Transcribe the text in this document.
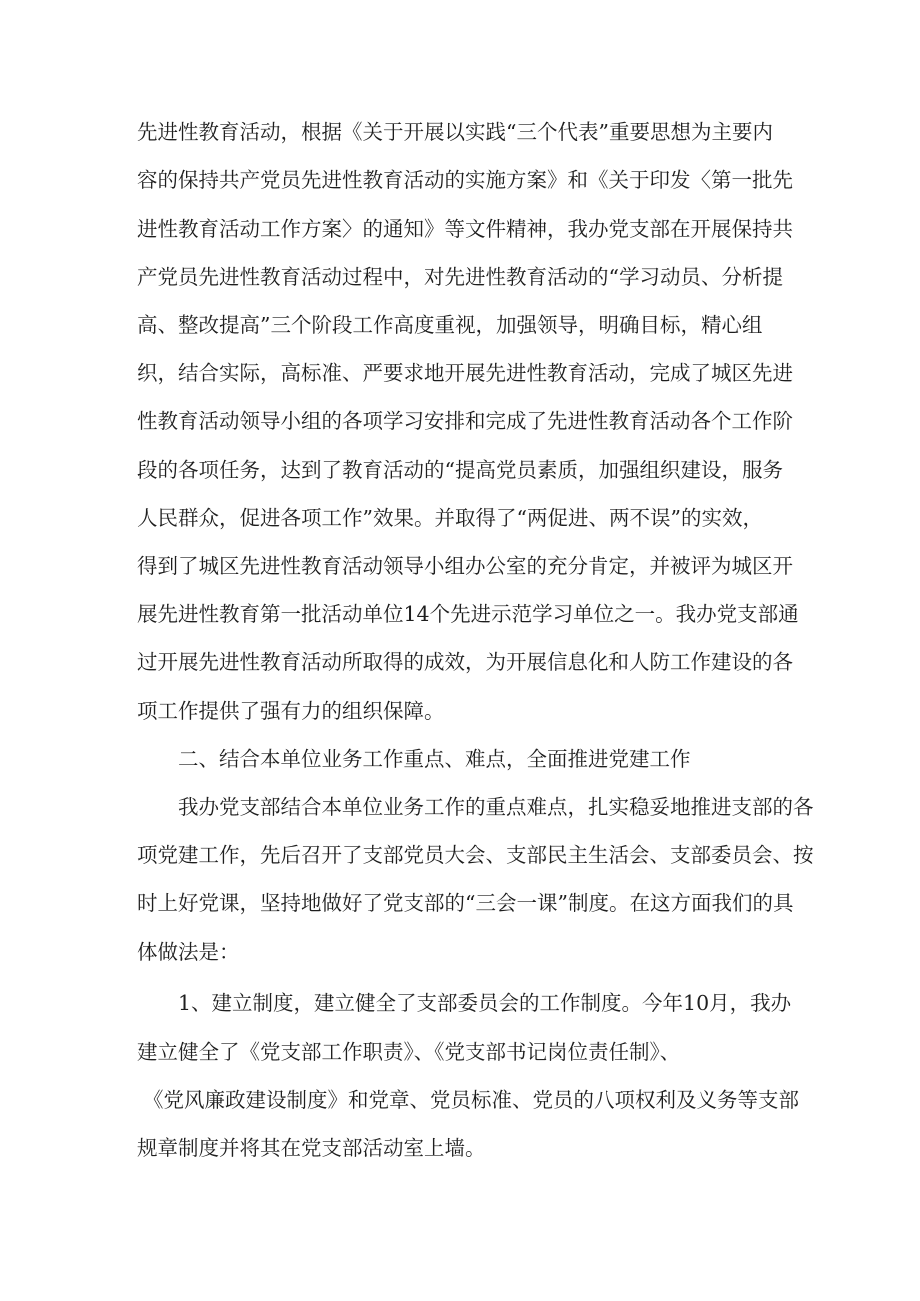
先进性教育活动，根据《关于开展以实践“三个代表”重要思想为主要内
容的保持共产党员先进性教育活动的实施方案》和《关于印发〈第一批先
进性教育活动工作方案〉的通知》等文件精神，我办党支部在开展保持共
产党员先进性教育活动过程中，对先进性教育活动的“学习动员、分析提
高、整改提高”三个阶段工作高度重视，加强领导，明确目标，精心组
织，结合实际，高标准、严要求地开展先进性教育活动，完成了城区先进
性教育活动领导小组的各项学习安排和完成了先进性教育活动各个工作阶
段的各项任务，达到了教育活动的“提高党员素质，加强组织建设，服务
人民群众，促进各项工作”效果。并取得了“两促进、两不误”的实效，
得到了城区先进性教育活动领导小组办公室的充分肯定，并被评为城区开
展先进性教育第一批活动单位14个先进示范学习单位之一。我办党支部通
过开展先进性教育活动所取得的成效，为开展信息化和人防工作建设的各
项工作提供了强有力的组织保障。
二、结合本单位业务工作重点、难点，全面推进党建工作
我办党支部结合本单位业务工作的重点难点，扎实稳妥地推进支部的各
项党建工作，先后召开了支部党员大会、支部民主生活会、支部委员会、按
时上好党课，坚持地做好了党支部的“三会一课”制度。在这方面我们的具
体做法是：
1、建立制度，建立健全了支部委员会的工作制度。今年10月，我办
建立健全了《党支部工作职责》、《党支部书记岗位责任制》、
《党风廉政建设制度》和党章、党员标准、党员的八项权利及义务等支部
规章制度并将其在党支部活动室上墙。
